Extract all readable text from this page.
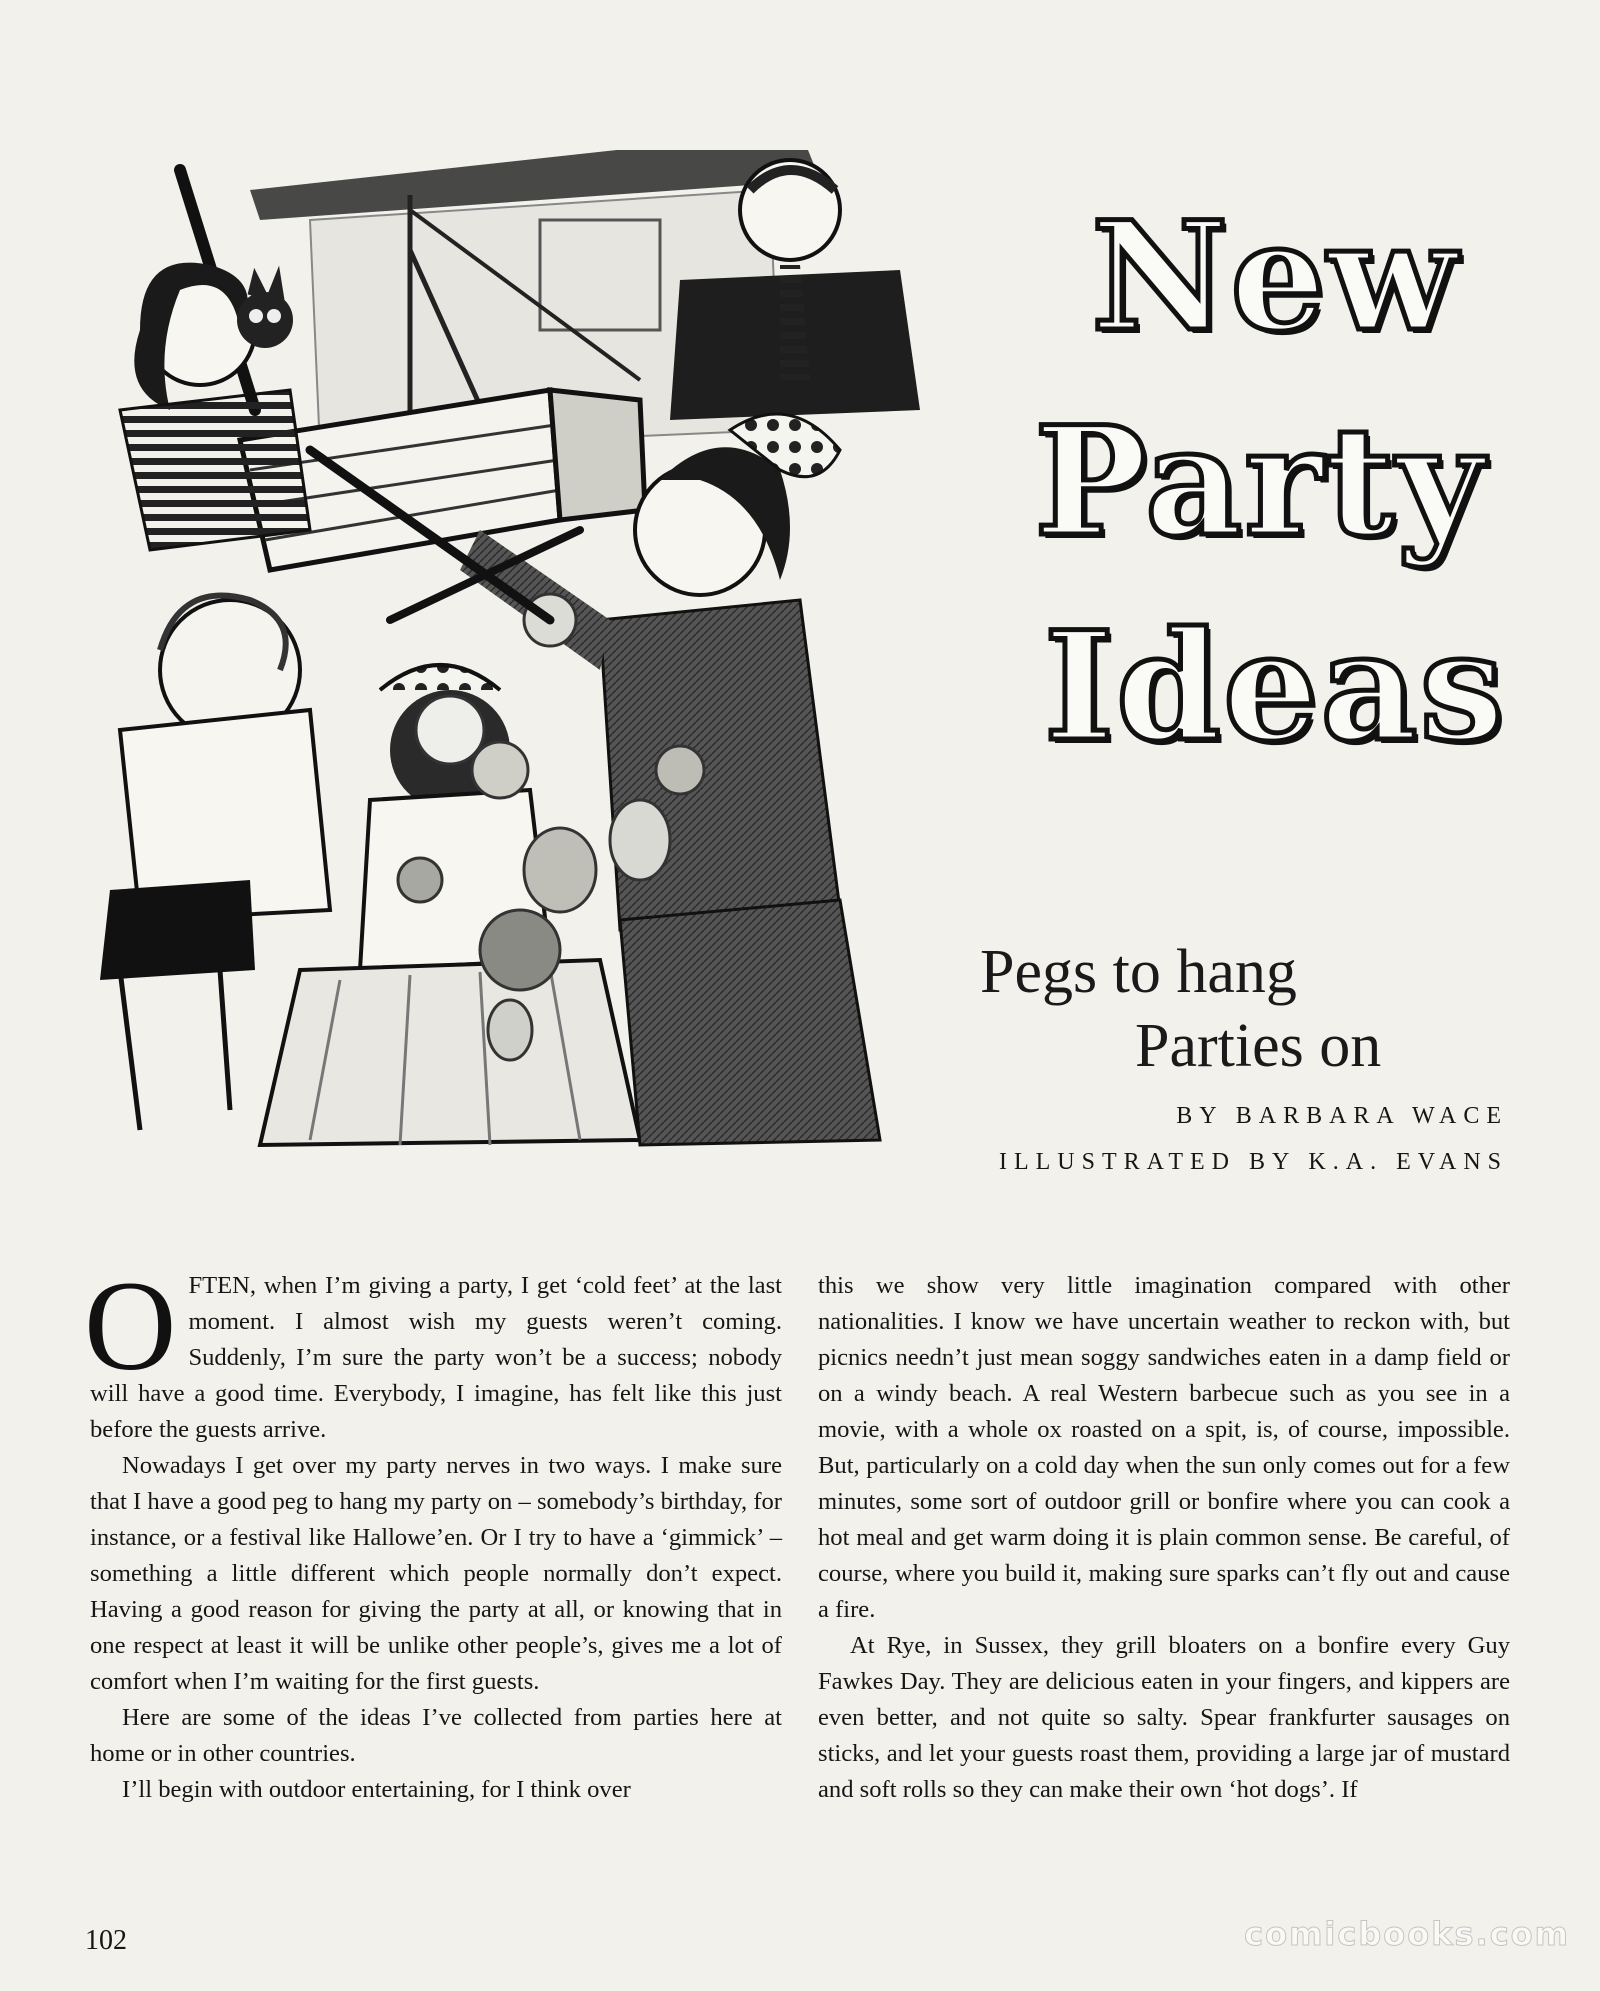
New
Party
Ideas
Pegs to hang
Parties on
BY BARBARA WACE
ILLUSTRATED BY K.A. EVANS

OFTEN, when I’m giving a party, I get ‘cold feet’ at the last moment. I almost wish my guests weren’t coming. Suddenly, I’m sure the party won’t be a success; nobody will have a good time. Everybody, I imagine, has felt like this just before the guests arrive.

Nowadays I get over my party nerves in two ways. I make sure that I have a good peg to hang my party on – somebody’s birthday, for instance, or a festival like Hallowe’en. Or I try to have a ‘gimmick’ – something a little different which people normally don’t expect. Having a good reason for giving the party at all, or knowing that in one respect at least it will be unlike other people’s, gives me a lot of comfort when I’m waiting for the first guests.

Here are some of the ideas I’ve collected from parties here at home or in other countries.

I’ll begin with outdoor entertaining, for I think over

this we show very little imagination compared with other nationalities. I know we have uncertain weather to reckon with, but picnics needn’t just mean soggy sandwiches eaten in a damp field or on a windy beach. A real Western barbecue such as you see in a movie, with a whole ox roasted on a spit, is, of course, impossible. But, particularly on a cold day when the sun only comes out for a few minutes, some sort of outdoor grill or bonfire where you can cook a hot meal and get warm doing it is plain common sense. Be careful, of course, where you build it, making sure sparks can’t fly out and cause a fire.

At Rye, in Sussex, they grill bloaters on a bonfire every Guy Fawkes Day. They are delicious eaten in your fingers, and kippers are even better, and not quite so salty. Spear frankfurter sausages on sticks, and let your guests roast them, providing a large jar of mustard and soft rolls so they can make their own ‘hot dogs’. If

102	comicbooks.com
